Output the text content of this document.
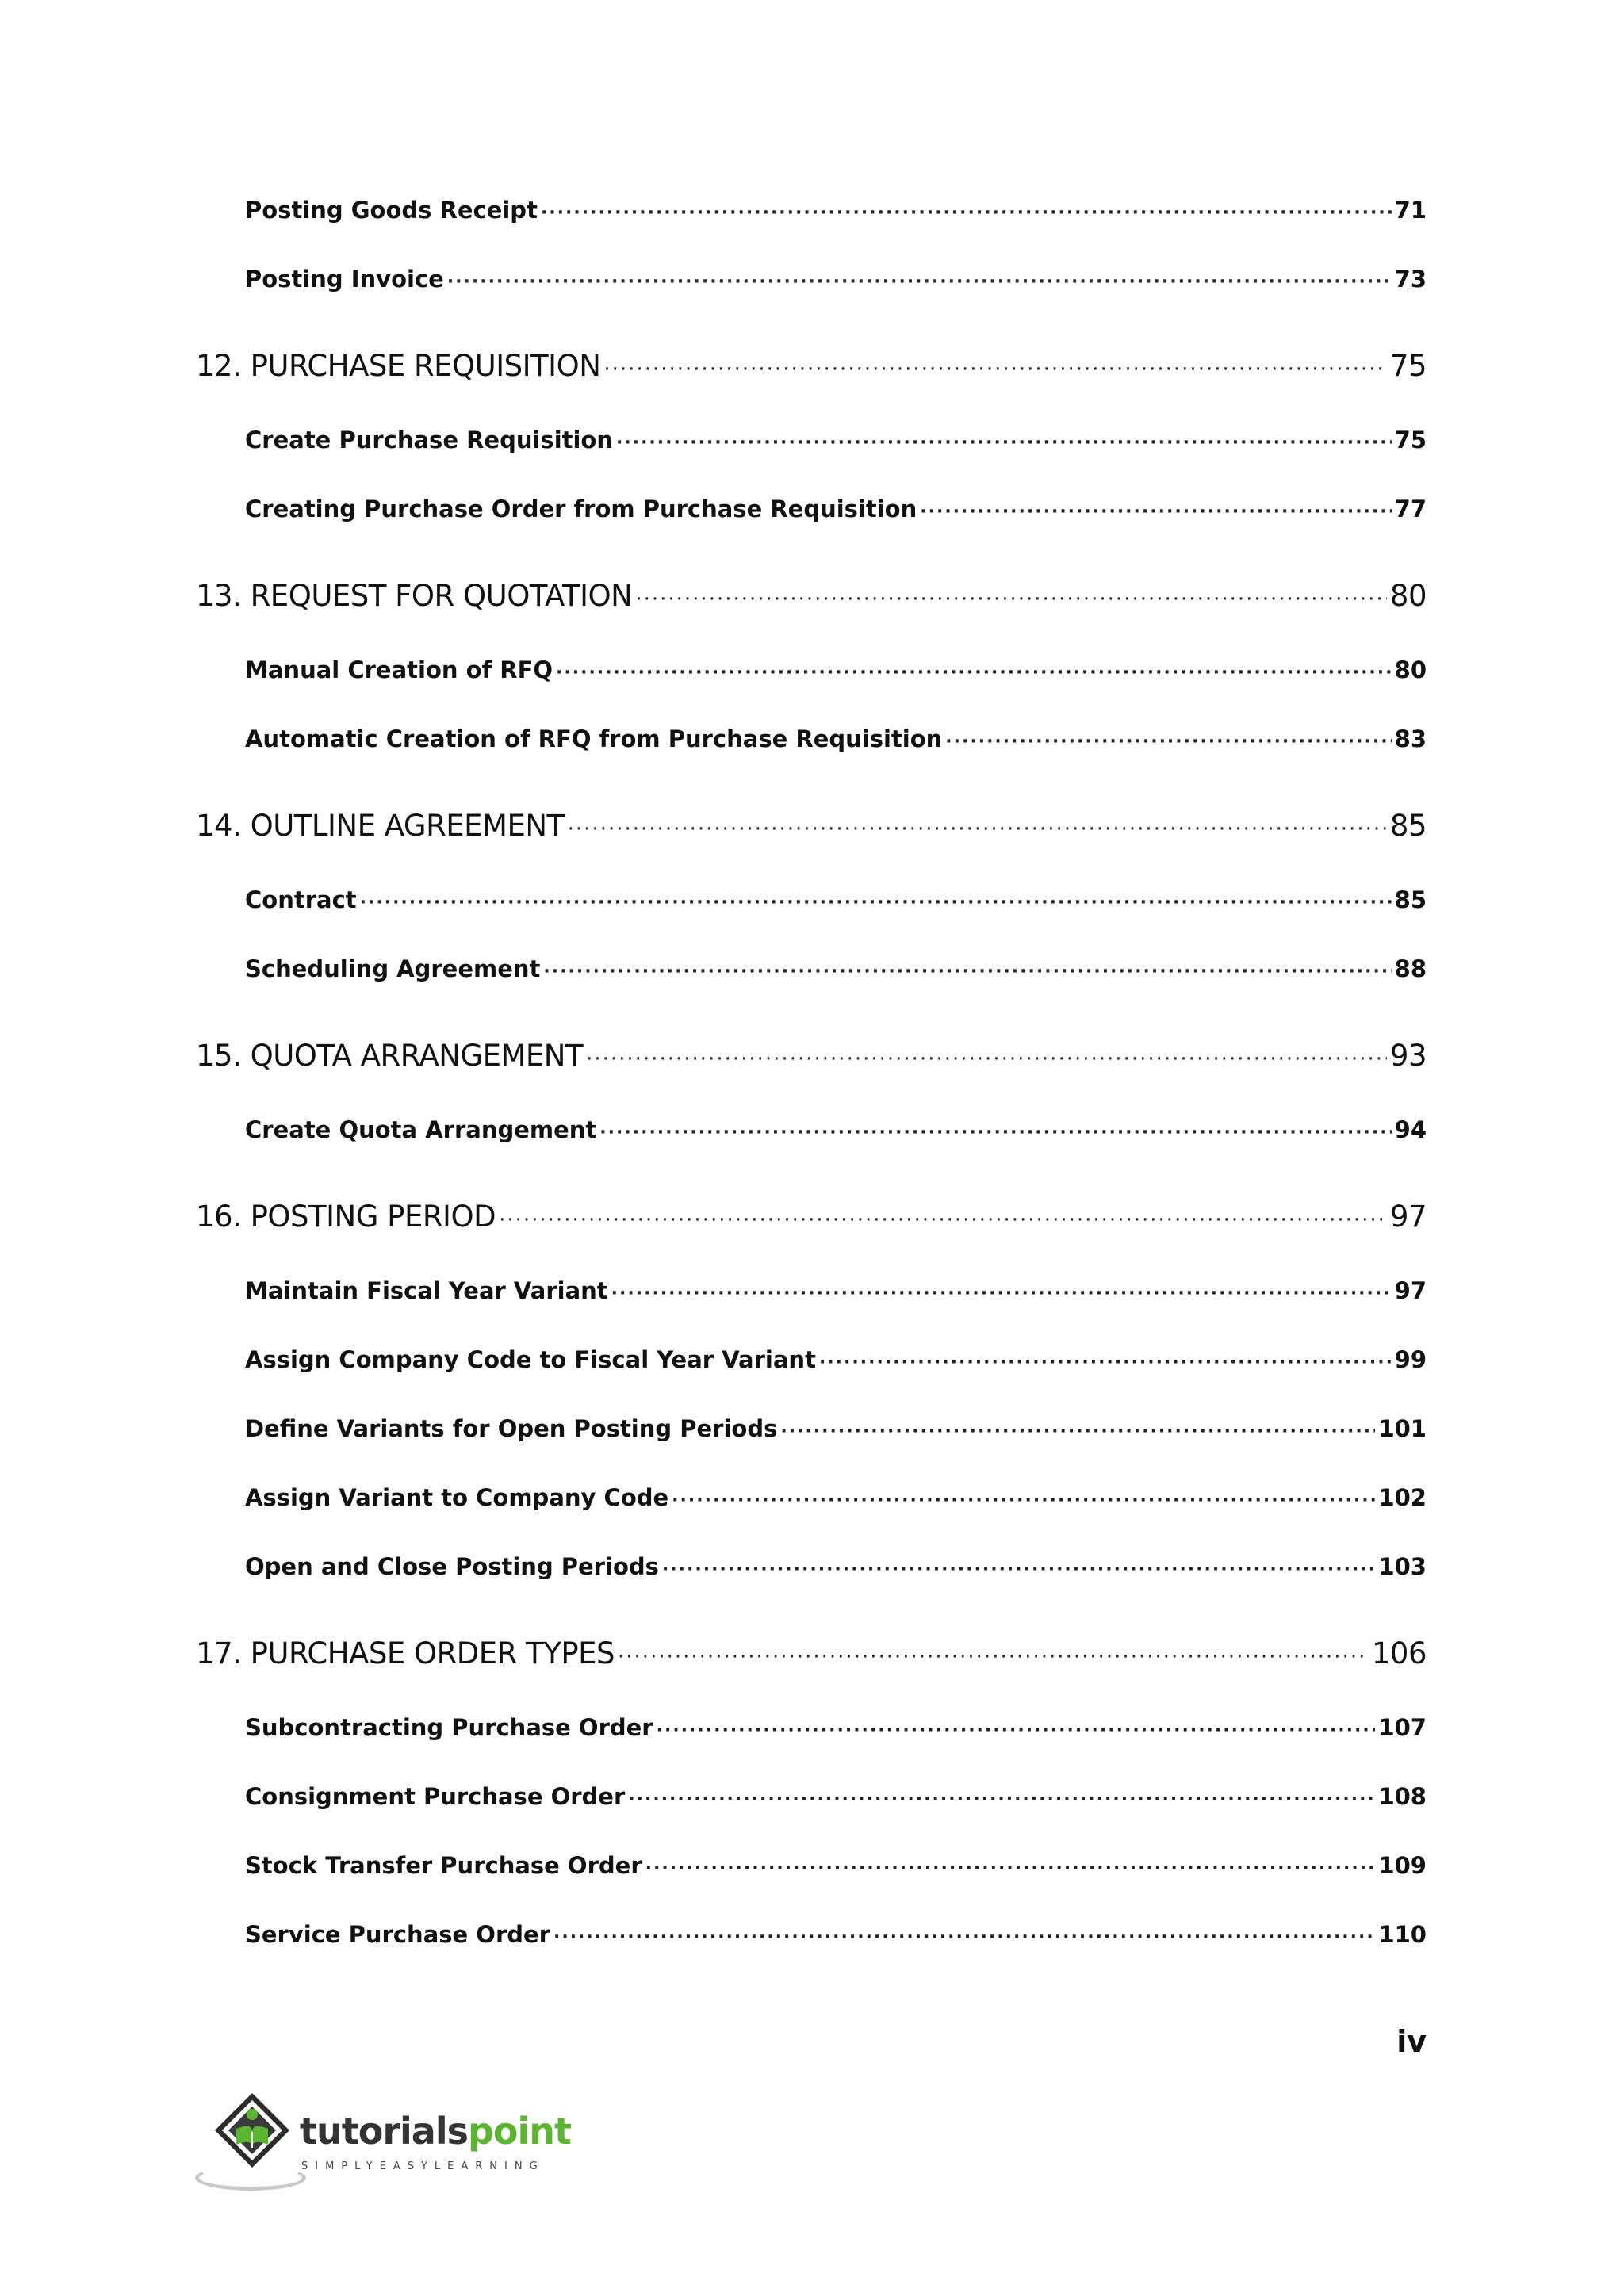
Posting Goods Receipt ·····	71
Posting Invoice ·····	73
12. PURCHASE REQUISITION ·····	75
Create Purchase Requisition ·····	75
Creating Purchase Order from Purchase Requisition ·····	77
13. REQUEST FOR QUOTATION ·····	80
Manual Creation of RFQ ·····	80
Automatic Creation of RFQ from Purchase Requisition ·····	83
14. OUTLINE AGREEMENT ·····	85
Contract ·····	85
Scheduling Agreement ·····	88
15. QUOTA ARRANGEMENT ·····	93
Create Quota Arrangement ·····	94
16. POSTING PERIOD ·····	97
Maintain Fiscal Year Variant ·····	97
Assign Company Code to Fiscal Year Variant ·····	99
Define Variants for Open Posting Periods ·····	101
Assign Variant to Company Code ·····	102
Open and Close Posting Periods ·····	103
17. PURCHASE ORDER TYPES ·····	106
Subcontracting Purchase Order ·····	107
Consignment Purchase Order ·····	108
Stock Transfer Purchase Order ·····	109
Service Purchase Order ·····	110
iv
tutorialspoint
SIMPLYEASYLEARNING
